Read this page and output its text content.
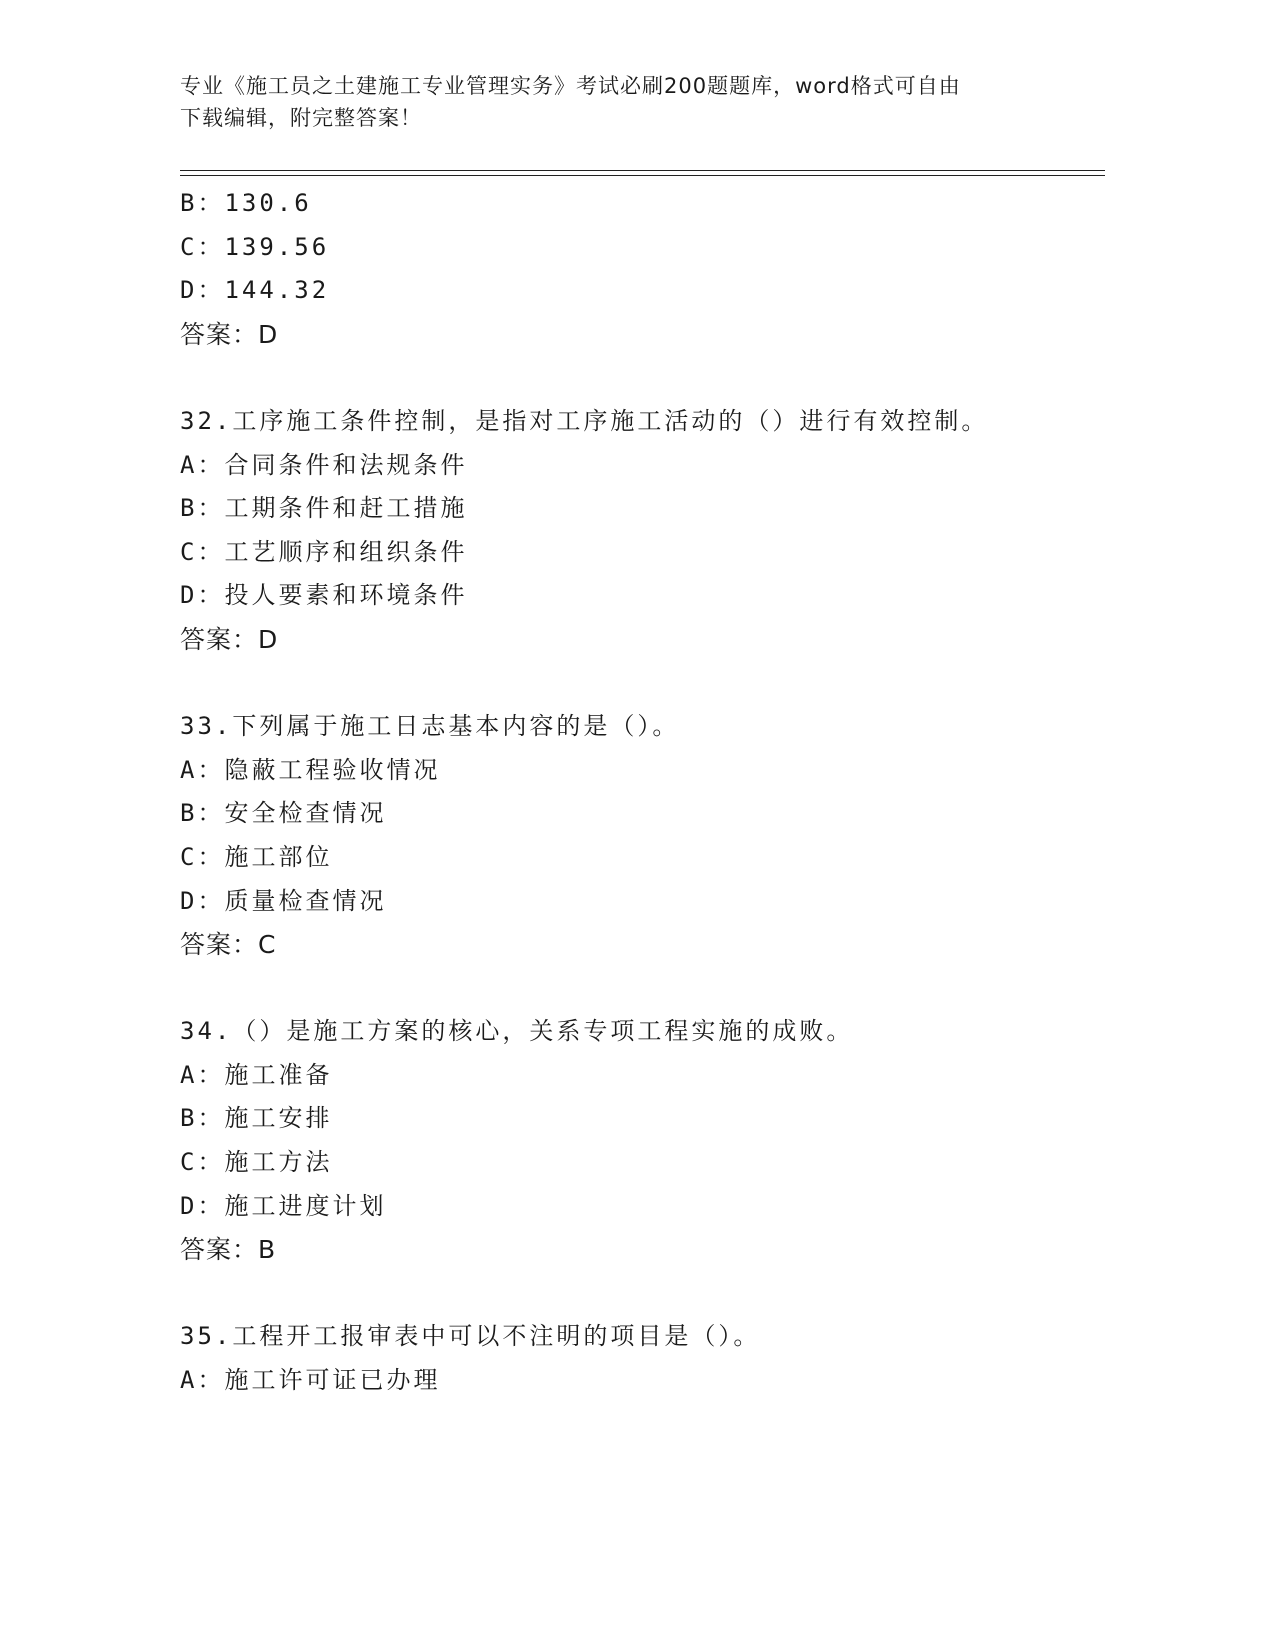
专业《施工员之土建施工专业管理实务》考试必刷200题题库，word格式可自由
下载编辑，附完整答案！
B：130.6
C：139.56
D：144.32
答案：D
32.工序施工条件控制，是指对工序施工活动的（）进行有效控制。
A：合同条件和法规条件
B：工期条件和赶工措施
C：工艺顺序和组织条件
D：投人要素和环境条件
答案：D
33.下列属于施工日志基本内容的是（）。
A：隐蔽工程验收情况
B：安全检查情况
C：施工部位
D：质量检查情况
答案：C
34.（）是施工方案的核心，关系专项工程实施的成败。
A：施工准备
B：施工安排
C：施工方法
D：施工进度计划
答案：B
35.工程开工报审表中可以不注明的项目是（）。
A：施工许可证已办理
